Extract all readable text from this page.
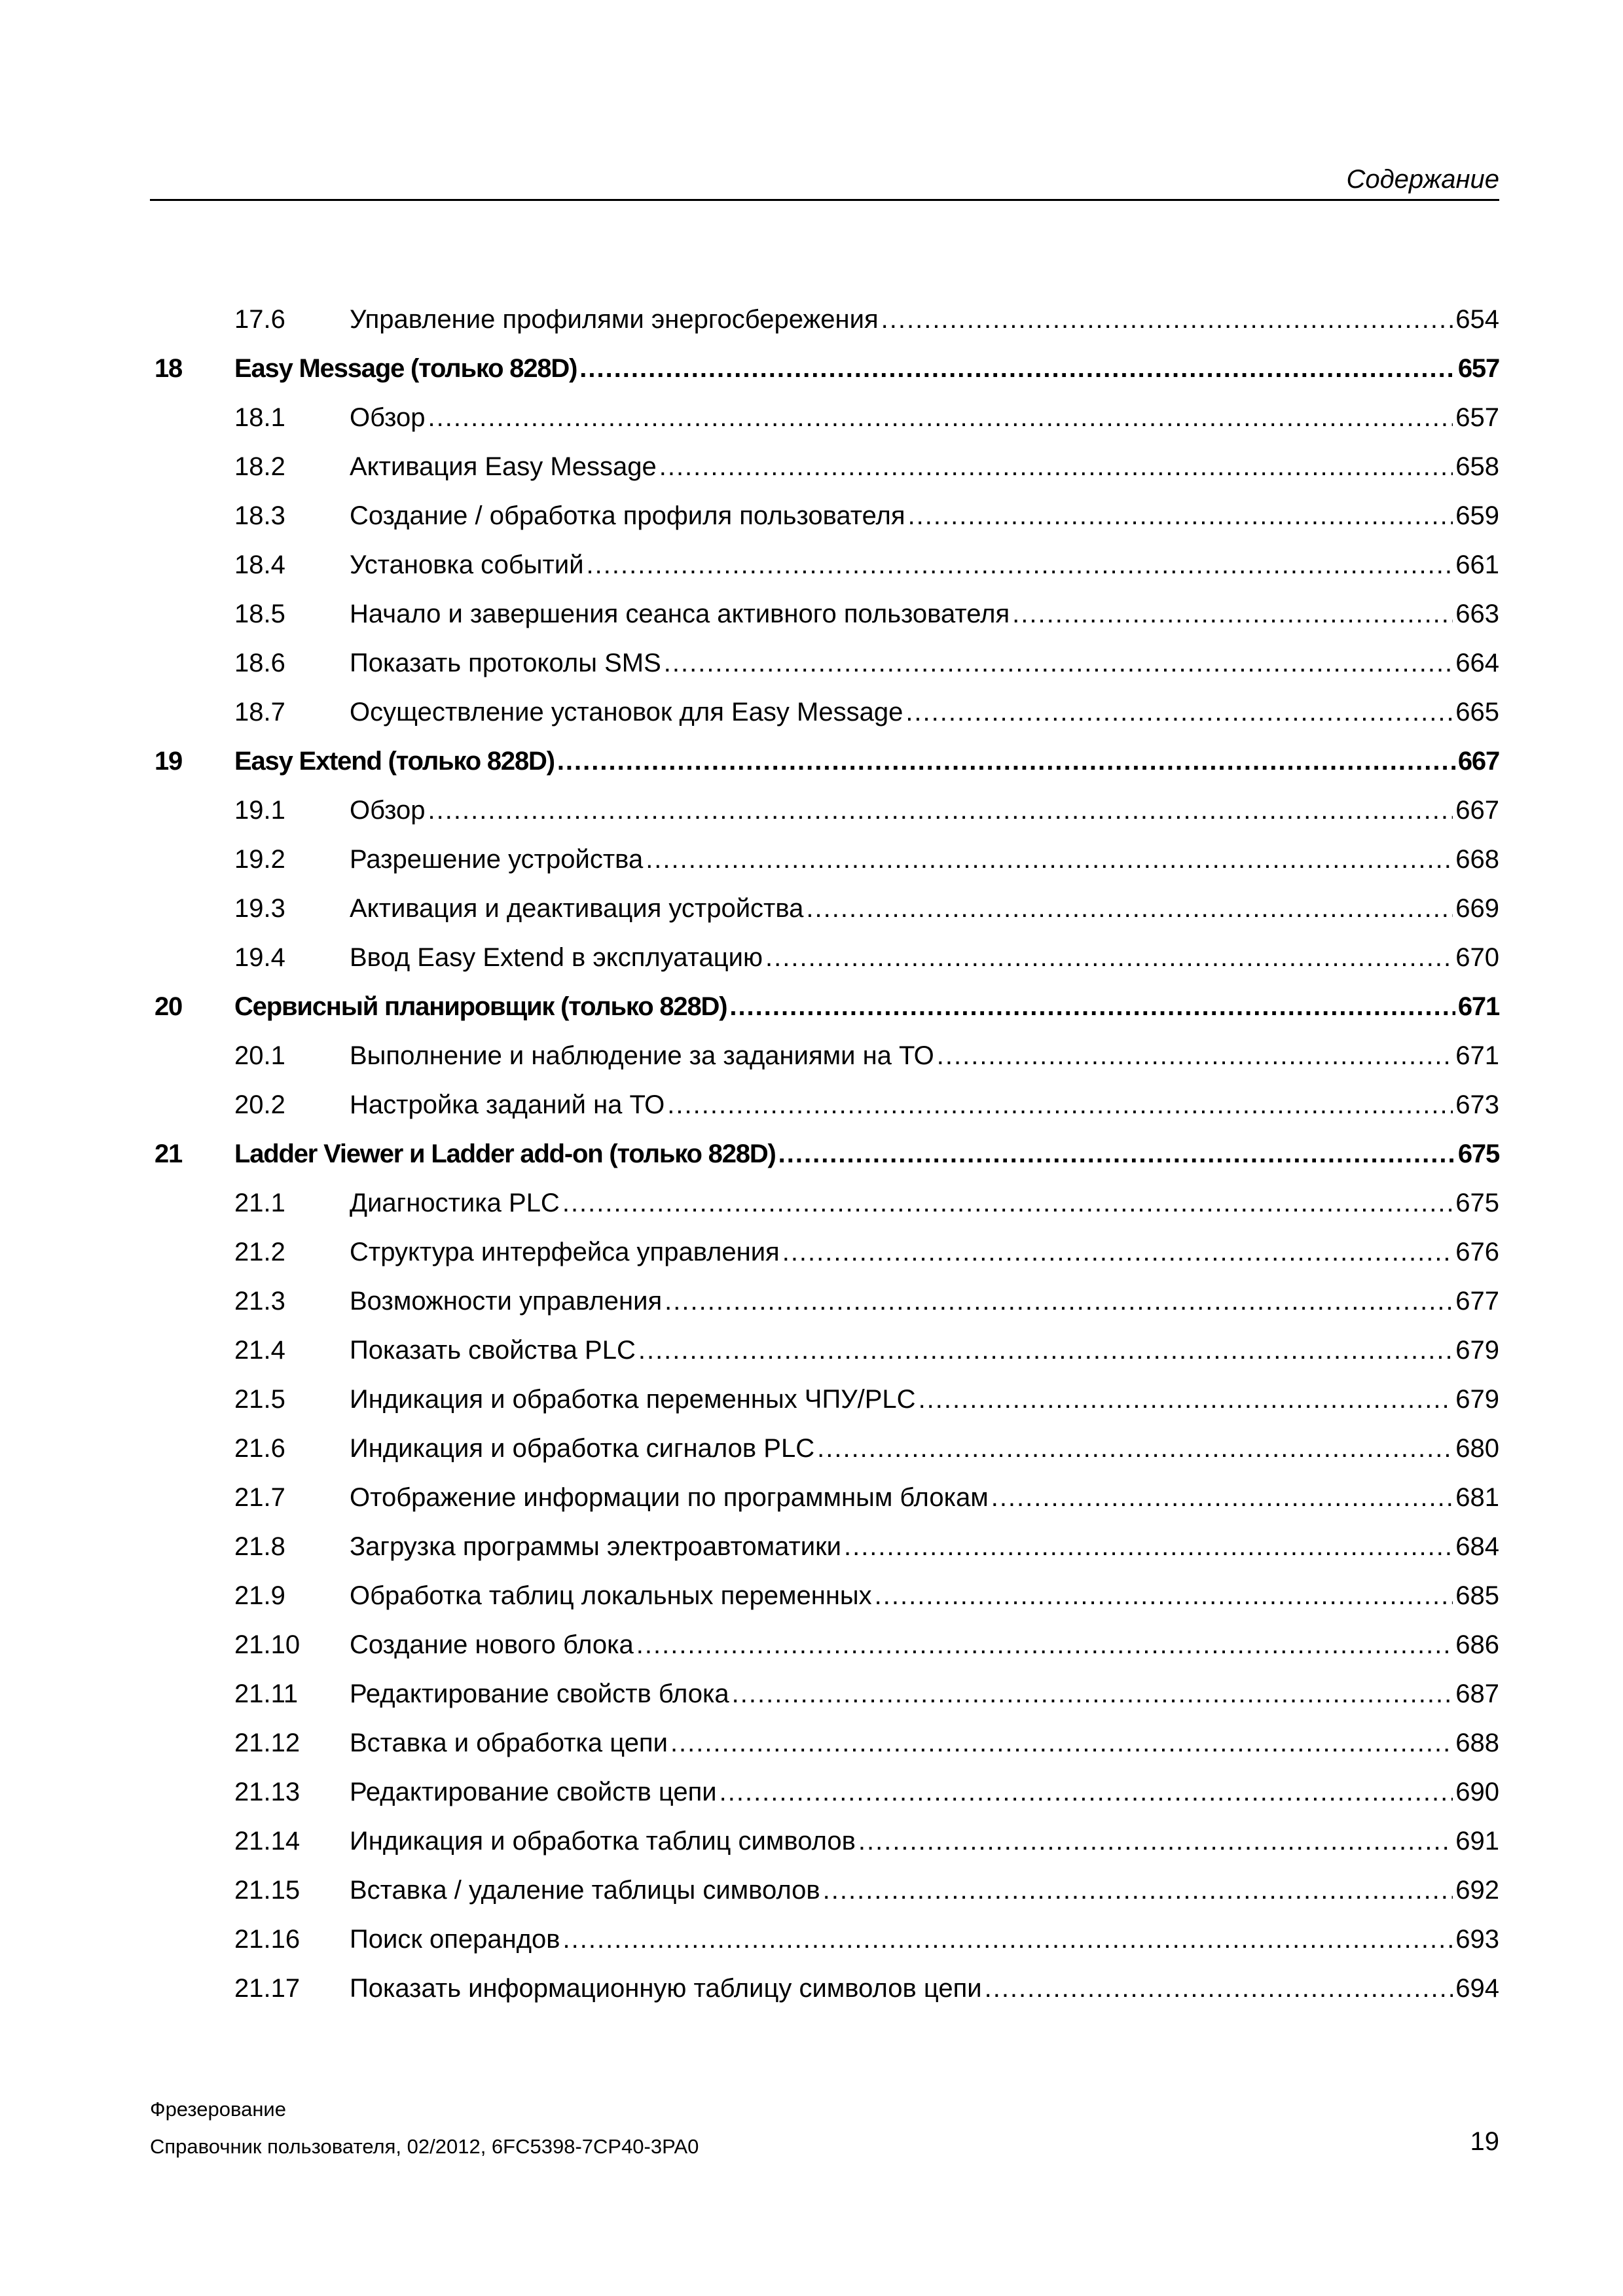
Содержание
17.6	Управление профилями энергосбережения .....	654
18	Easy Message (только 828D) .....	657
18.1	Обзор .....	657
18.2	Активация Easy Message .....	658
18.3	Создание / обработка профиля пользователя .....	659
18.4	Установка событий .....	661
18.5	Начало и завершения сеанса активного пользователя .....	663
18.6	Показать протоколы SMS .....	664
18.7	Осуществление установок для Easy Message .....	665
19	Easy Extend (только 828D) .....	667
19.1	Обзор .....	667
19.2	Разрешение устройства .....	668
19.3	Активация и деактивация устройства .....	669
19.4	Ввод Easy Extend в эксплуатацию .....	670
20	Сервисный планировщик (только 828D) .....	671
20.1	Выполнение и наблюдение за заданиями на ТО .....	671
20.2	Настройка заданий на ТО .....	673
21	Ladder Viewer и Ladder add-on (только 828D) .....	675
21.1	Диагностика PLC .....	675
21.2	Структура интерфейса управления .....	676
21.3	Возможности управления .....	677
21.4	Показать свойства PLC .....	679
21.5	Индикация и обработка переменных ЧПУ/PLC .....	679
21.6	Индикация и обработка сигналов PLC .....	680
21.7	Отображение информации по программным блокам .....	681
21.8	Загрузка программы электроавтоматики .....	684
21.9	Обработка таблиц локальных переменных .....	685
21.10	Создание нового блока .....	686
21.11	Редактирование свойств блока .....	687
21.12	Вставка и обработка цепи .....	688
21.13	Редактирование свойств цепи .....	690
21.14	Индикация и обработка таблиц символов .....	691
21.15	Вставка / удаление таблицы символов .....	692
21.16	Поиск операндов .....	693
21.17	Показать информационную таблицу символов цепи .....	694
Фрезерование
Справочник пользователя, 02/2012, 6FC5398-7CP40-3PA0	19
